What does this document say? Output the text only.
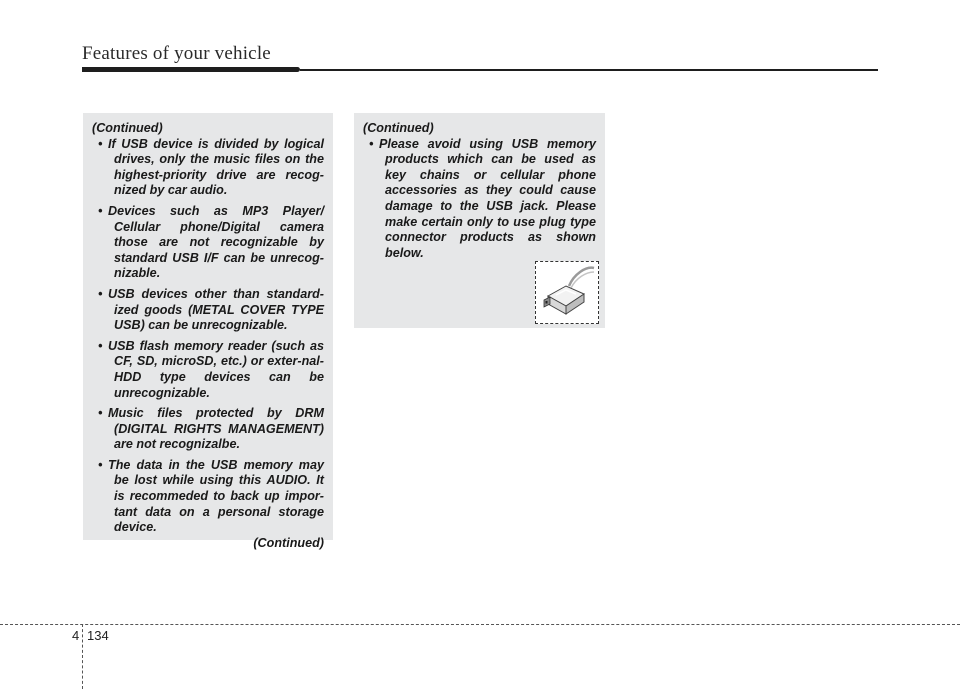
Features of your vehicle
(Continued)
• If USB device is divided by logical drives, only the music files on the highest-priority drive are recog-nized by car audio.
• Devices such as MP3 Player/ Cellular phone/Digital camera those are not recognizable by standard USB I/F can be unrecog-nizable.
• USB devices other than standard-ized goods (METAL COVER TYPE USB) can be unrecognizable.
• USB flash memory reader (such as CF, SD, microSD, etc.) or exter-nal-HDD type devices can be unrecognizable.
• Music files protected by DRM (DIGITAL RIGHTS MANAGEMENT) are not recognizalbe.
• The data in the USB memory may be lost while using this AUDIO. It is recommeded to back up impor-tant data on a personal storage device.
(Continued)
(Continued)
• Please avoid using USB memory products which can be used as key chains or cellular phone accessories as they could cause damage to the USB jack. Please make certain only to use plug type connector products as shown below.
4 134
